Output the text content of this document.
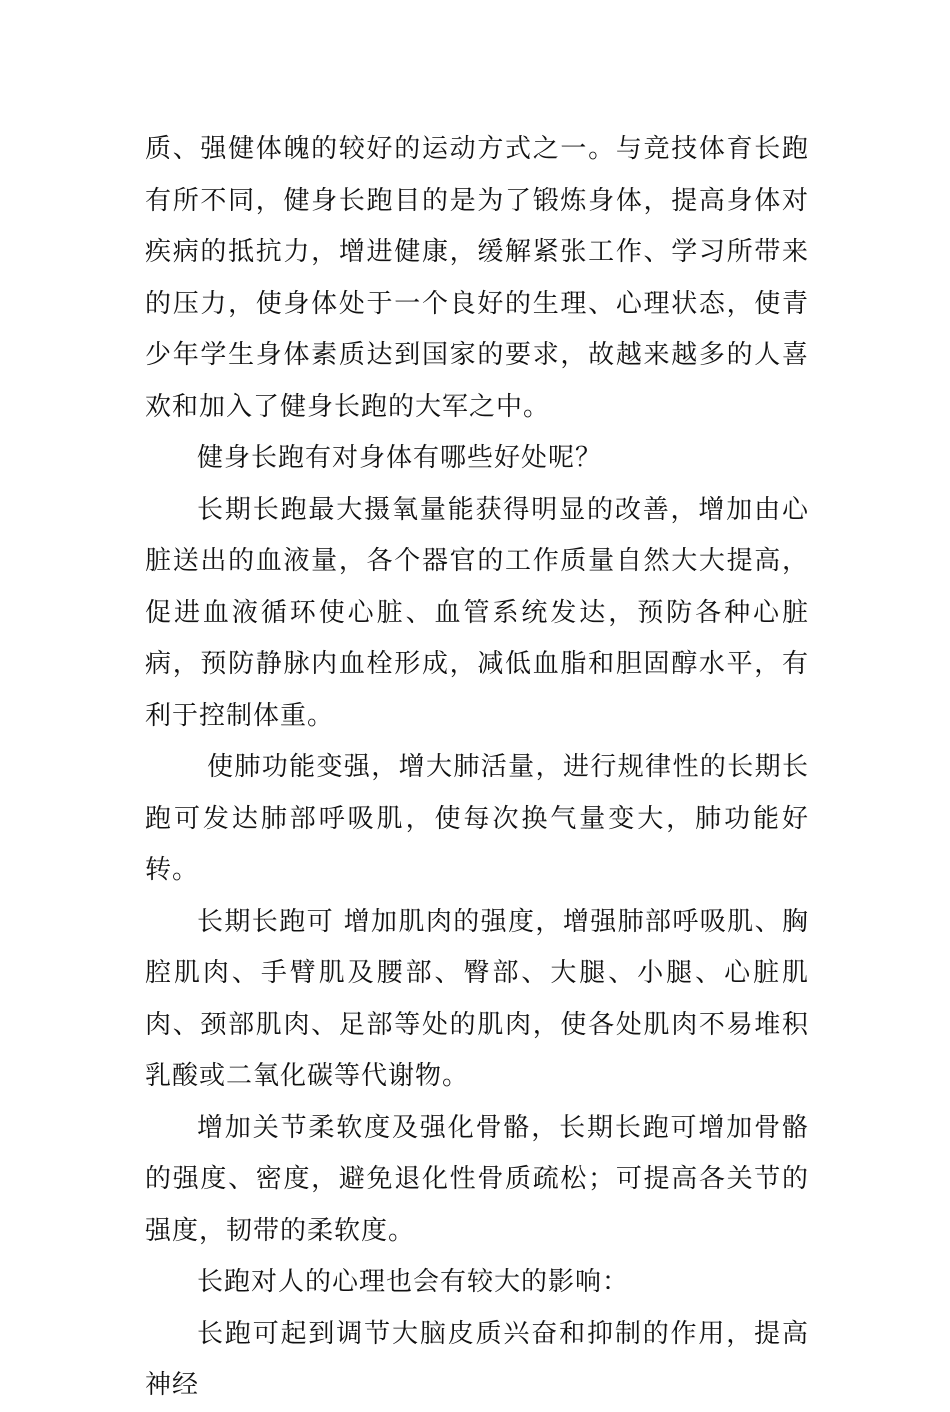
质、强健体魄的较好的运动方式之一。与竞技体育长跑有所不同，健身长跑目的是为了锻炼身体，提高身体对疾病的抵抗力，增进健康，缓解紧张工作、学习所带来的压力，使身体处于一个良好的生理、心理状态，使青少年学生身体素质达到国家的要求，故越来越多的人喜欢和加入了健身长跑的大军之中。

健身长跑有对身体有哪些好处呢？

长期长跑最大摄氧量能获得明显的改善，增加由心脏送出的血液量，各个器官的工作质量自然大大提高，促进血液循环使心脏、血管系统发达，预防各种心脏病，预防静脉内血栓形成，减低血脂和胆固醇水平，有利于控制体重。

使肺功能变强，增大肺活量，进行规律性的长期长跑可发达肺部呼吸肌，使每次换气量变大，肺功能好转。

长期长跑可 增加肌肉的强度，增强肺部呼吸肌、胸腔肌肉、手臂肌及腰部、臀部、大腿、小腿、心脏肌肉、颈部肌肉、足部等处的肌肉，使各处肌肉不易堆积乳酸或二氧化碳等代谢物。

增加关节柔软度及强化骨骼，长期长跑可增加骨骼的强度、密度，避免退化性骨质疏松；可提高各关节的强度，韧带的柔软度。

长跑对人的心理也会有较大的影响：

长跑可起到调节大脑皮质兴奋和抑制的作用，提高神经
